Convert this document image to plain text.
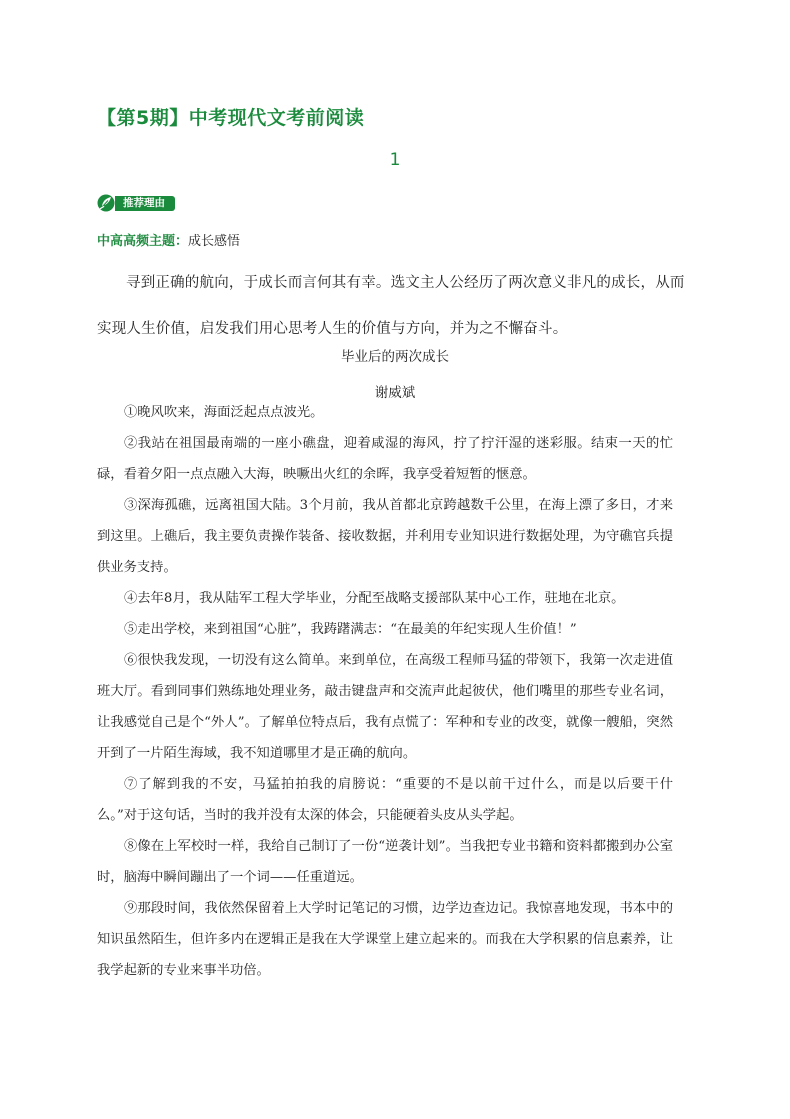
【第5期】中考现代文考前阅读
1
推荐理由
中高高频主题：成长感悟

寻到正确的航向，于成长而言何其有幸。选文主人公经历了两次意义非凡的成长，从而实现人生价值，启发我们用心思考人生的价值与方向，并为之不懈奋斗。

毕业后的两次成长
谢威斌

①晚风吹来，海面泛起点点波光。

②我站在祖国最南端的一座小礁盘，迎着咸湿的海风，拧了拧汗湿的迷彩服。结束一天的忙碌，看着夕阳一点点融入大海，映噘出火红的余晖，我享受着短暂的惬意。

③深海孤礁，远离祖国大陆。3个月前，我从首都北京跨越数千公里，在海上漂了多日，才来到这里。上礁后，我主要负责操作装备、接收数据，并利用专业知识进行数据处理，为守礁官兵提供业务支持。

④去年8月，我从陆军工程大学毕业，分配至战略支援部队某中心工作，驻地在北京。

⑤走出学校，来到祖国“心脏”，我踌躇满志：“在最美的年纪实现人生价值！”

⑥很快我发现，一切没有这么简单。来到单位，在高级工程师马猛的带领下，我第一次走进值班大厅。看到同事们熟练地处理业务，敲击键盘声和交流声此起彼伏，他们嘴里的那些专业名词，让我感觉自己是个“外人”。了解单位特点后，我有点慌了：军种和专业的改变，就像一艘船，突然开到了一片陌生海域，我不知道哪里才是正确的航向。

⑦了解到我的不安，马猛拍拍我的肩膀说：“重要的不是以前干过什么，而是以后要干什么。”对于这句话，当时的我并没有太深的体会，只能硬着头皮从头学起。

⑧像在上军校时一样，我给自己制订了一份“逆袭计划”。当我把专业书籍和资料都搬到办公室时，脑海中瞬间蹦出了一个词——任重道远。

⑨那段时间，我依然保留着上大学时记笔记的习惯，边学边查边记。我惊喜地发现，书本中的知识虽然陌生，但许多内在逻辑正是我在大学课堂上建立起来的。而我在大学积累的信息素养，让我学起新的专业来事半功倍。
